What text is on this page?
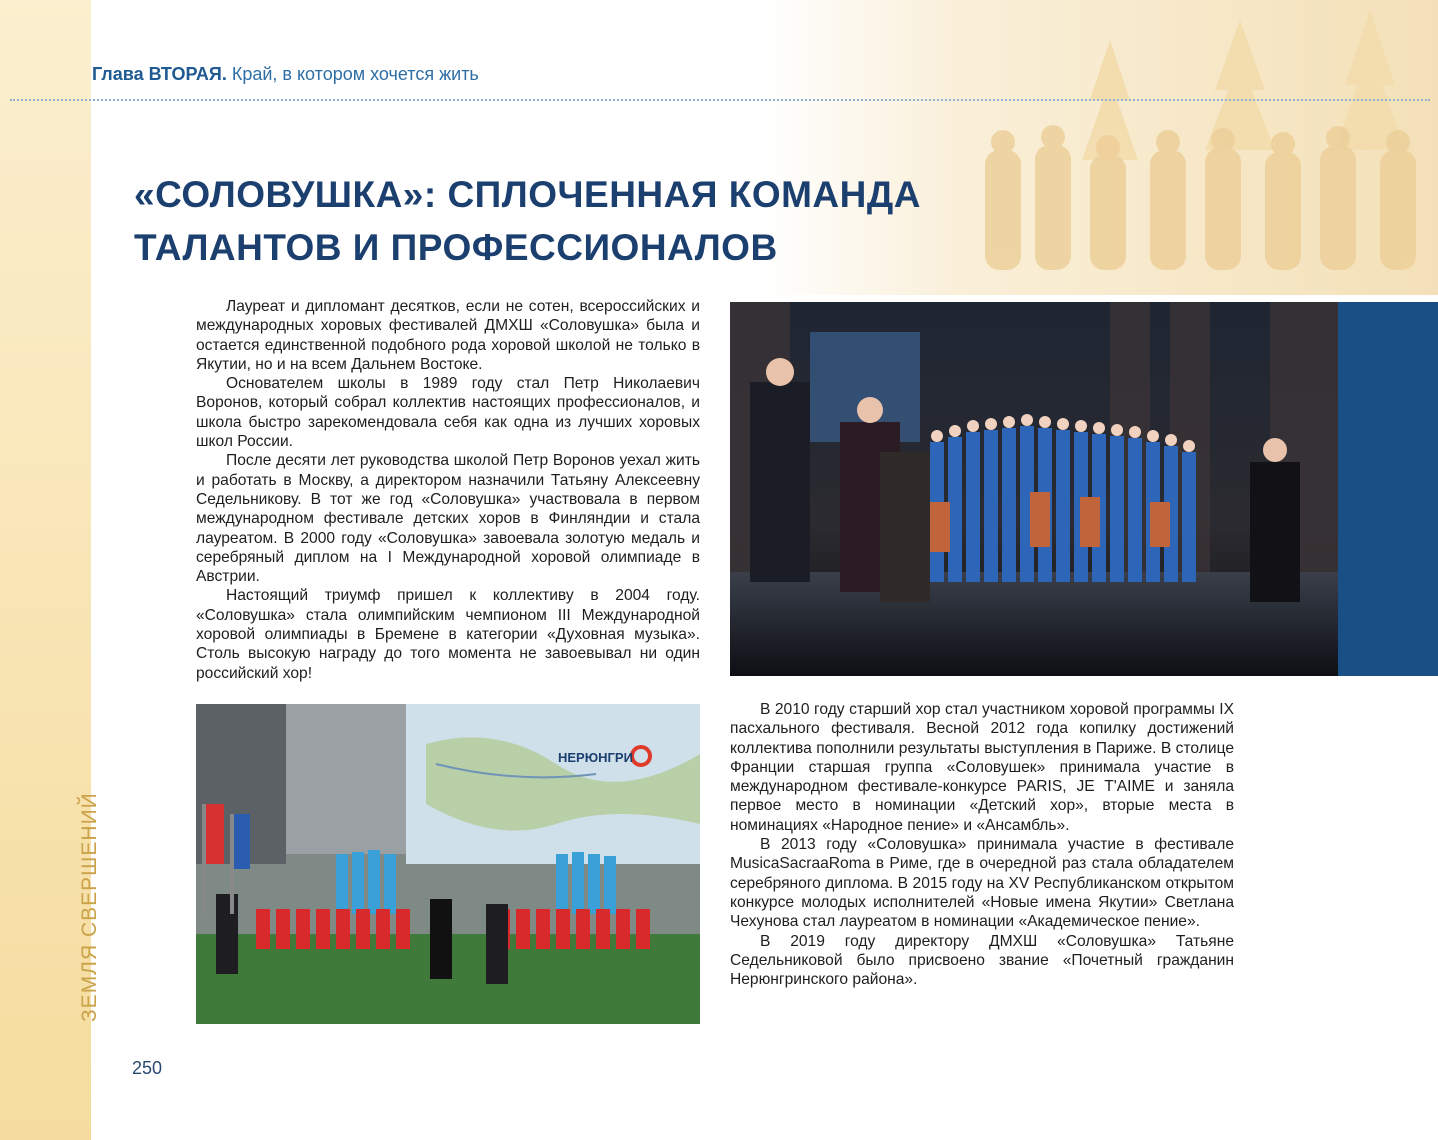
ЗЕМЛЯ СВЕРШЕНИЙ
Глава ВТОРАЯ. Край, в котором хочется жить
«СОЛОВУШКА»: СПЛОЧЕННАЯ КОМАНДА
ТАЛАНТОВ И ПРОФЕССИОНАЛОВ

Лауреат и дипломант десятков, если не сотен, всероссийских и международных хоровых фестивалей ДМХШ «Соловушка» была и остается единственной подобного рода хоровой школой не только в Якутии, но и на всем Дальнем Востоке.

Основателем школы в 1989 году стал Петр Николаевич Воронов, который собрал коллектив настоящих профессионалов, и школа быстро зарекомендовала себя как одна из лучших хоровых школ России.

После десяти лет руководства школой Петр Воронов уехал жить и работать в Москву, а директором назначили Татьяну Алексеевну Седельникову. В тот же год «Соловушка» участвовала в первом международном фестивале детских хоров в Финляндии и стала лауреатом. В 2000 году «Соловушка» завоевала золотую медаль и серебряный диплом на I Международной хоровой олимпиаде в Австрии.

Настоящий триумф пришел к коллективу в 2004 году. «Соловушка» стала олимпийским чемпионом III Международной хоровой олимпиады в Бремене в категории «Духовная музыка». Столь высокую награду до того момента не завоевывал ни один российский хор!

НЕРЮНГРИ

В 2010 году старший хор стал участником хоровой программы IX пасхального фестиваля. Весной 2012 года копилку достижений коллектива пополнили результаты выступления в Париже. В столице Франции старшая группа «Соловушек» принимала участие в международном фестивале-конкурсе PARIS, JE T'AIME и заняла первое место в номинации «Детский хор», вторые места в номинациях «Народное пение» и «Ансамбль».

В 2013 году «Соловушка» принимала участие в фестивале MusicaSacraaRoma в Риме, где в очередной раз стала обладателем серебряного диплома. В 2015 году на XV Республиканском открытом конкурсе молодых исполнителей «Новые имена Якутии» Светлана Чехунова стал лауреатом в номинации «Академическое пение».

В 2019 году директору ДМХШ «Соловушка» Татьяне Седельниковой было присвоено звание «Почетный гражданин Нерюнгринского района».

250
